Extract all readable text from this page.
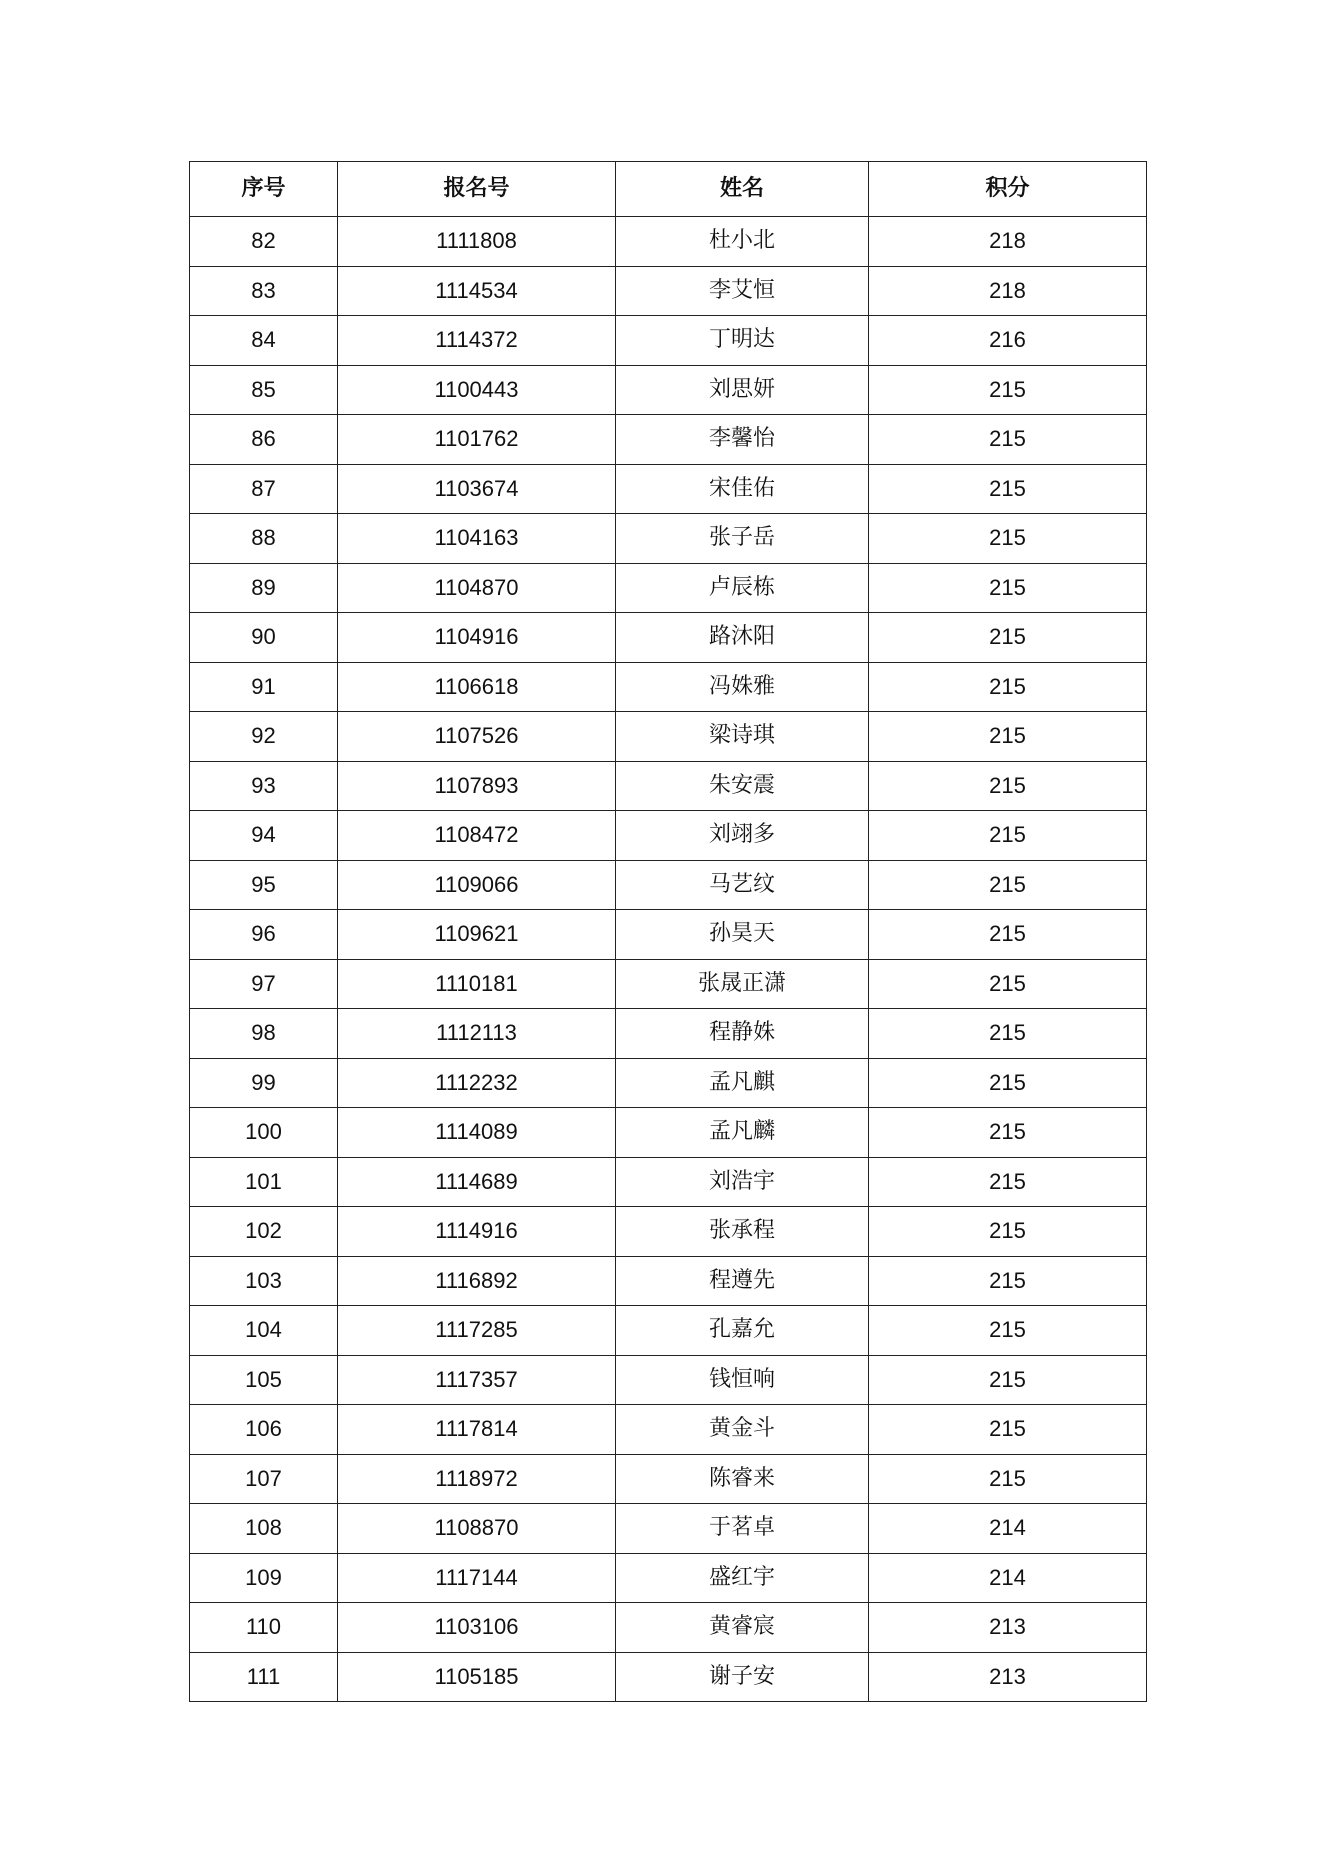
序号	报名号	姓名	积分
82	1111808	杜小北	218
83	1114534	李艾恒	218
84	1114372	丁明达	216
85	1100443	刘思妍	215
86	1101762	李馨怡	215
87	1103674	宋佳佑	215
88	1104163	张子岳	215
89	1104870	卢辰栋	215
90	1104916	路沐阳	215
91	1106618	冯姝雅	215
92	1107526	梁诗琪	215
93	1107893	朱安震	215
94	1108472	刘翊多	215
95	1109066	马艺纹	215
96	1109621	孙昊天	215
97	1110181	张晟正潇	215
98	1112113	程静姝	215
99	1112232	孟凡麒	215
100	1114089	孟凡麟	215
101	1114689	刘浩宇	215
102	1114916	张承程	215
103	1116892	程遵先	215
104	1117285	孔嘉允	215
105	1117357	钱恒响	215
106	1117814	黄金斗	215
107	1118972	陈睿来	215
108	1108870	于茗卓	214
109	1117144	盛红宇	214
110	1103106	黄睿宸	213
111	1105185	谢子安	213
